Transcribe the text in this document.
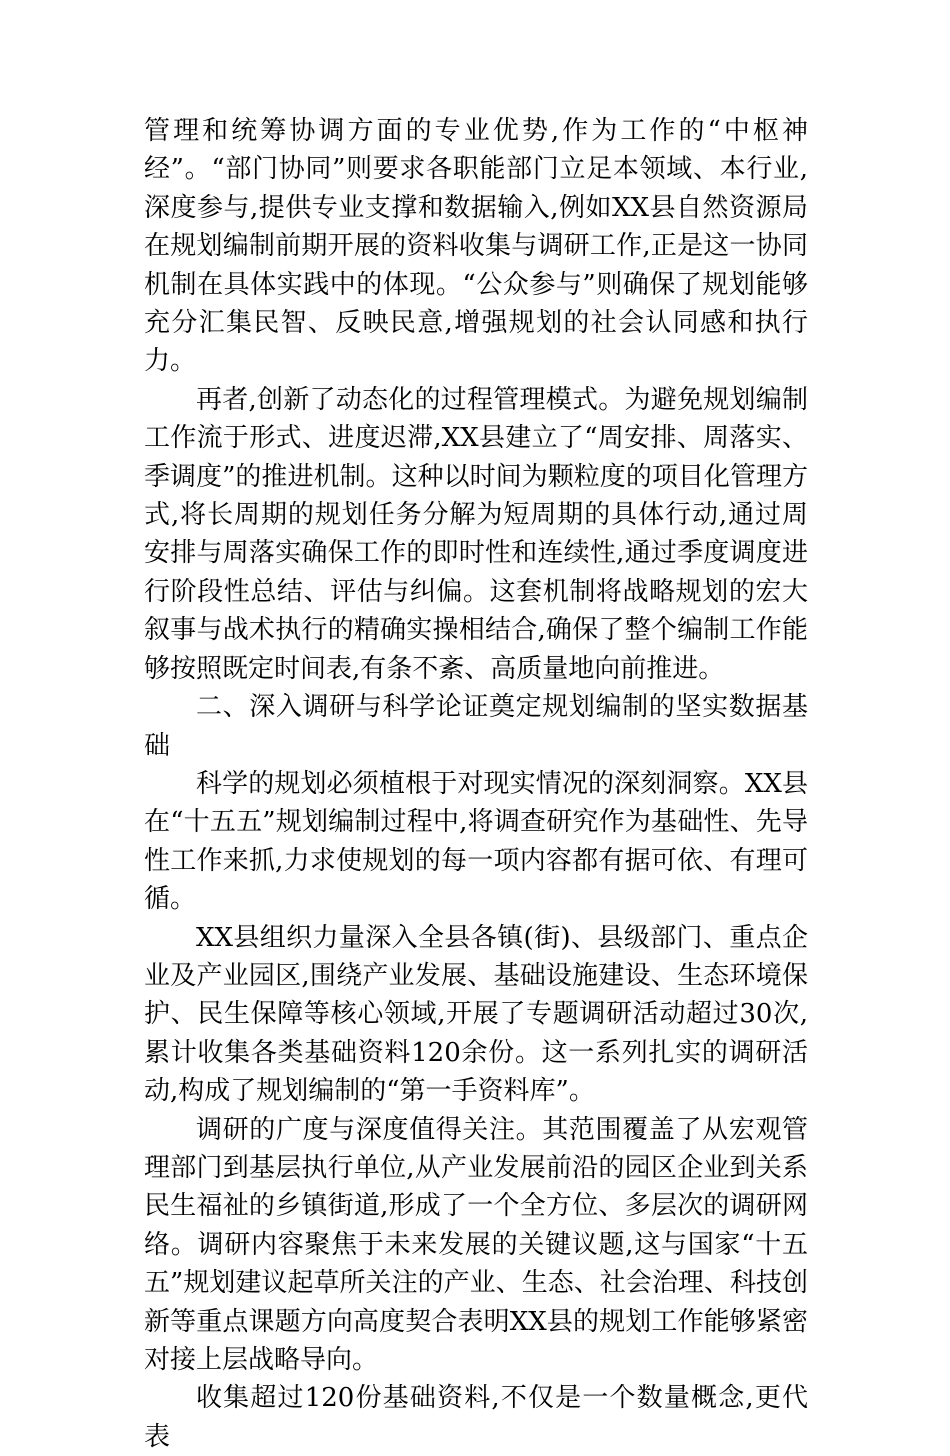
管理和统筹协调方面的专业优势,作为工作的“中枢神经”。“部门协同”则要求各职能部门立足本领域、本行业,深度参与,提供专业支撑和数据输入,例如XX县自然资源局在规划编制前期开展的资料收集与调研工作,正是这一协同机制在具体实践中的体现。“公众参与”则确保了规划能够充分汇集民智、反映民意,增强规划的社会认同感和执行力。

再者,创新了动态化的过程管理模式。为避免规划编制工作流于形式、进度迟滞,XX县建立了“周安排、周落实、季调度”的推进机制。这种以时间为颗粒度的项目化管理方式,将长周期的规划任务分解为短周期的具体行动,通过周安排与周落实确保工作的即时性和连续性,通过季度调度进行阶段性总结、评估与纠偏。这套机制将战略规划的宏大叙事与战术执行的精确实操相结合,确保了整个编制工作能够按照既定时间表,有条不紊、高质量地向前推进。

二、深入调研与科学论证奠定规划编制的坚实数据基础

科学的规划必须植根于对现实情况的深刻洞察。XX县在“十五五”规划编制过程中,将调查研究作为基础性、先导性工作来抓,力求使规划的每一项内容都有据可依、有理可循。

XX县组织力量深入全县各镇(街)、县级部门、重点企业及产业园区,围绕产业发展、基础设施建设、生态环境保护、民生保障等核心领域,开展了专题调研活动超过30次,累计收集各类基础资料120余份。这一系列扎实的调研活动,构成了规划编制的“第一手资料库”。

调研的广度与深度值得关注。其范围覆盖了从宏观管理部门到基层执行单位,从产业发展前沿的园区企业到关系民生福祉的乡镇街道,形成了一个全方位、多层次的调研网络。调研内容聚焦于未来发展的关键议题,这与国家“十五五”规划建议起草所关注的产业、生态、社会治理、科技创新等重点课题方向高度契合表明XX县的规划工作能够紧密对接上层战略导向。

收集超过120份基础资料,不仅是一个数量概念,更代表
